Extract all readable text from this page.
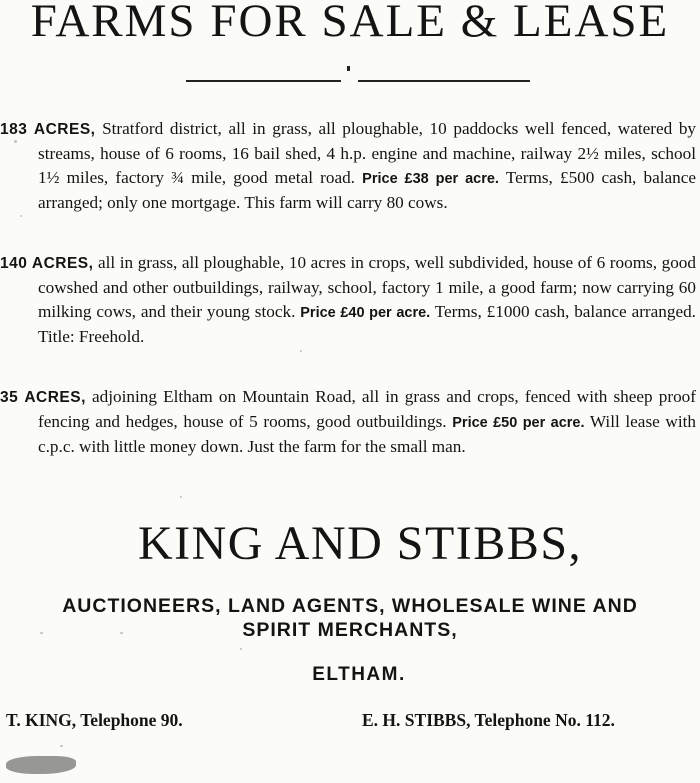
FARMS FOR SALE & LEASE

183 ACRES, Stratford district, all in grass, all ploughable, 10 paddocks well fenced, watered by streams, house of 6 rooms, 16 bail shed, 4 h.p. engine and machine, railway 2½ miles, school 1½ miles, factory ¾ mile, good metal road. Price £38 per acre. Terms, £500 cash, balance arranged; only one mortgage. This farm will carry 80 cows.

140 ACRES, all in grass, all ploughable, 10 acres in crops, well subdivided, house of 6 rooms, good cowshed and other outbuildings, railway, school, factory 1 mile, a good farm; now carrying 60 milking cows, and their young stock. Price £40 per acre. Terms, £1000 cash, balance arranged. Title: Freehold.

35 ACRES, adjoining Eltham on Mountain Road, all in grass and crops, fenced with sheep proof fencing and hedges, house of 5 rooms, good outbuildings. Price £50 per acre. Will lease with c.p.c. with little money down. Just the farm for the small man.

KING AND STIBBS,
AUCTIONEERS, LAND AGENTS, WHOLESALE WINE AND
SPIRIT MERCHANTS,
ELTHAM.
T. KING, Telephone 90.	E. H. STIBBS, Telephone No. 112.
